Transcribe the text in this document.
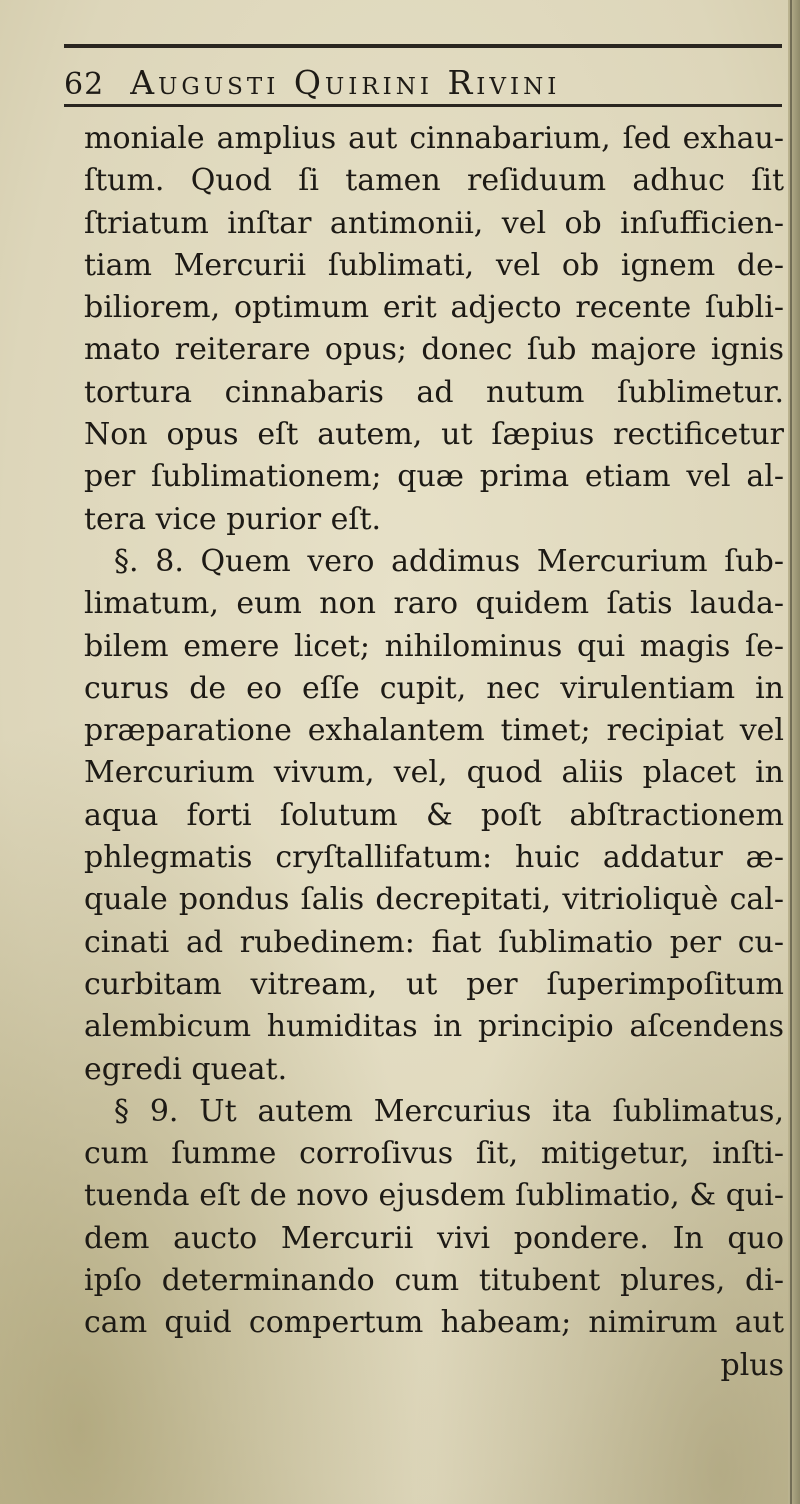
62 Augusti Quirini Rivini
moniale amplius aut cinnabarium, ſed exhau-
ſtum. Quod ſi tamen reſiduum adhuc ſit
ſtriatum inſtar antimonii, vel ob inſufficien-
tiam Mercurii ſublimati, vel ob ignem de-
biliorem, optimum erit adjecto recente ſubli-
mato reiterare opus; donec ſub majore ignis
tortura cinnabaris ad nutum ſublimetur.
Non opus eſt autem, ut ſæpius rectificetur
per ſublimationem; quæ prima etiam vel al-
tera vice purior eſt.
§. 8. Quem vero addimus Mercurium ſub-
limatum, eum non raro quidem ſatis lauda-
bilem emere licet; nihilominus qui magis ſe-
curus de eo eſſe cupit, nec virulentiam in
præparatione exhalantem timet; recipiat vel
Mercurium vivum, vel, quod aliis placet in
aqua forti ſolutum & poſt abſtractionem
phlegmatis cryſtallifatum: huic addatur æ-
quale pondus ſalis decrepitati, vitrioliquè cal-
cinati ad rubedinem: fiat ſublimatio per cu-
curbitam vitream, ut per ſuperimpoſitum
alembicum humiditas in principio aſcendens
egredi queat.
§ 9. Ut autem Mercurius ita ſublimatus,
cum ſumme corroſivus ſit, mitigetur, inſti-
tuenda eſt de novo ejusdem ſublimatio, & qui-
dem aucto Mercurii vivi pondere. In quo
ipſo determinando cum titubent plures, di-
cam quid compertum habeam; nimirum aut
plus
